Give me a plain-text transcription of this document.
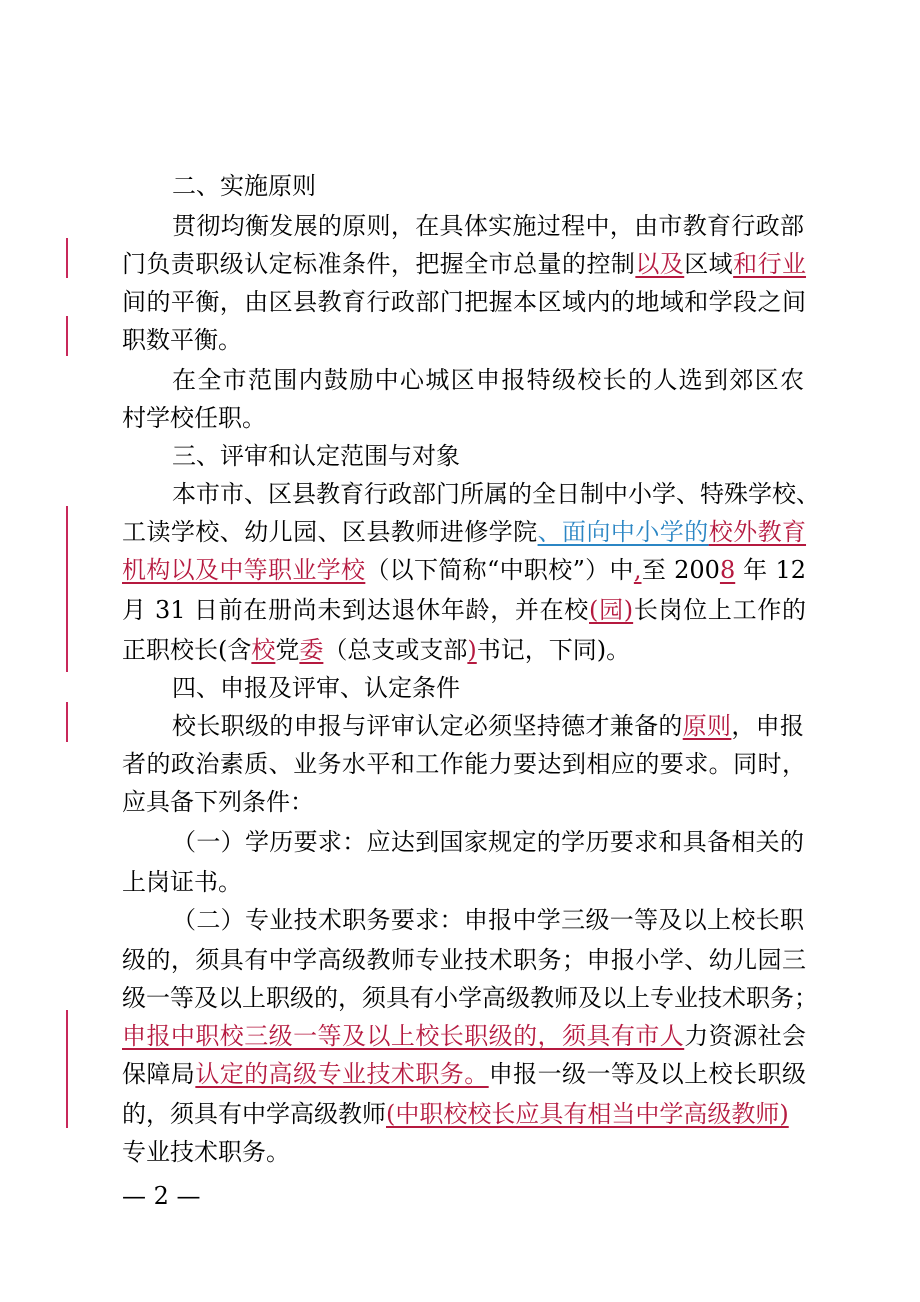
二、实施原则
贯彻均衡发展的原则，在具体实施过程中，由市教育行政部
门负责职级认定标准条件，把握全市总量的控制以及区域和行业
间的平衡，由区县教育行政部门把握本区域内的地域和学段之间
职数平衡。
在全市范围内鼓励中心城区申报特级校长的人选到郊区农
村学校任职。
三、评审和认定范围与对象
本市市、区县教育行政部门所属的全日制中小学、特殊学校、
工读学校、幼儿园、区县教师进修学院、面向中小学的校外教育
机构以及中等职业学校（以下简称“中职校”）中,至 2008 年 12
月 31 日前在册尚未到达退休年龄，并在校(园)长岗位上工作的
正职校长(含校党委（总支或支部)书记，下同)。
四、申报及评审、认定条件
校长职级的申报与评审认定必须坚持德才兼备的原则，申报
者的政治素质、业务水平和工作能力要达到相应的要求。同时，
应具备下列条件：
（一）学历要求：应达到国家规定的学历要求和具备相关的
上岗证书。
（二）专业技术职务要求：申报中学三级一等及以上校长职
级的，须具有中学高级教师专业技术职务；申报小学、幼儿园三
级一等及以上职级的，须具有小学高级教师及以上专业技术职务；
申报中职校三级一等及以上校长职级的，须具有市人力资源社会
保障局认定的高级专业技术职务。申报一级一等及以上校长职级
的，须具有中学高级教师(中职校校长应具有相当中学高级教师)
专业技术职务。
— 2 —
